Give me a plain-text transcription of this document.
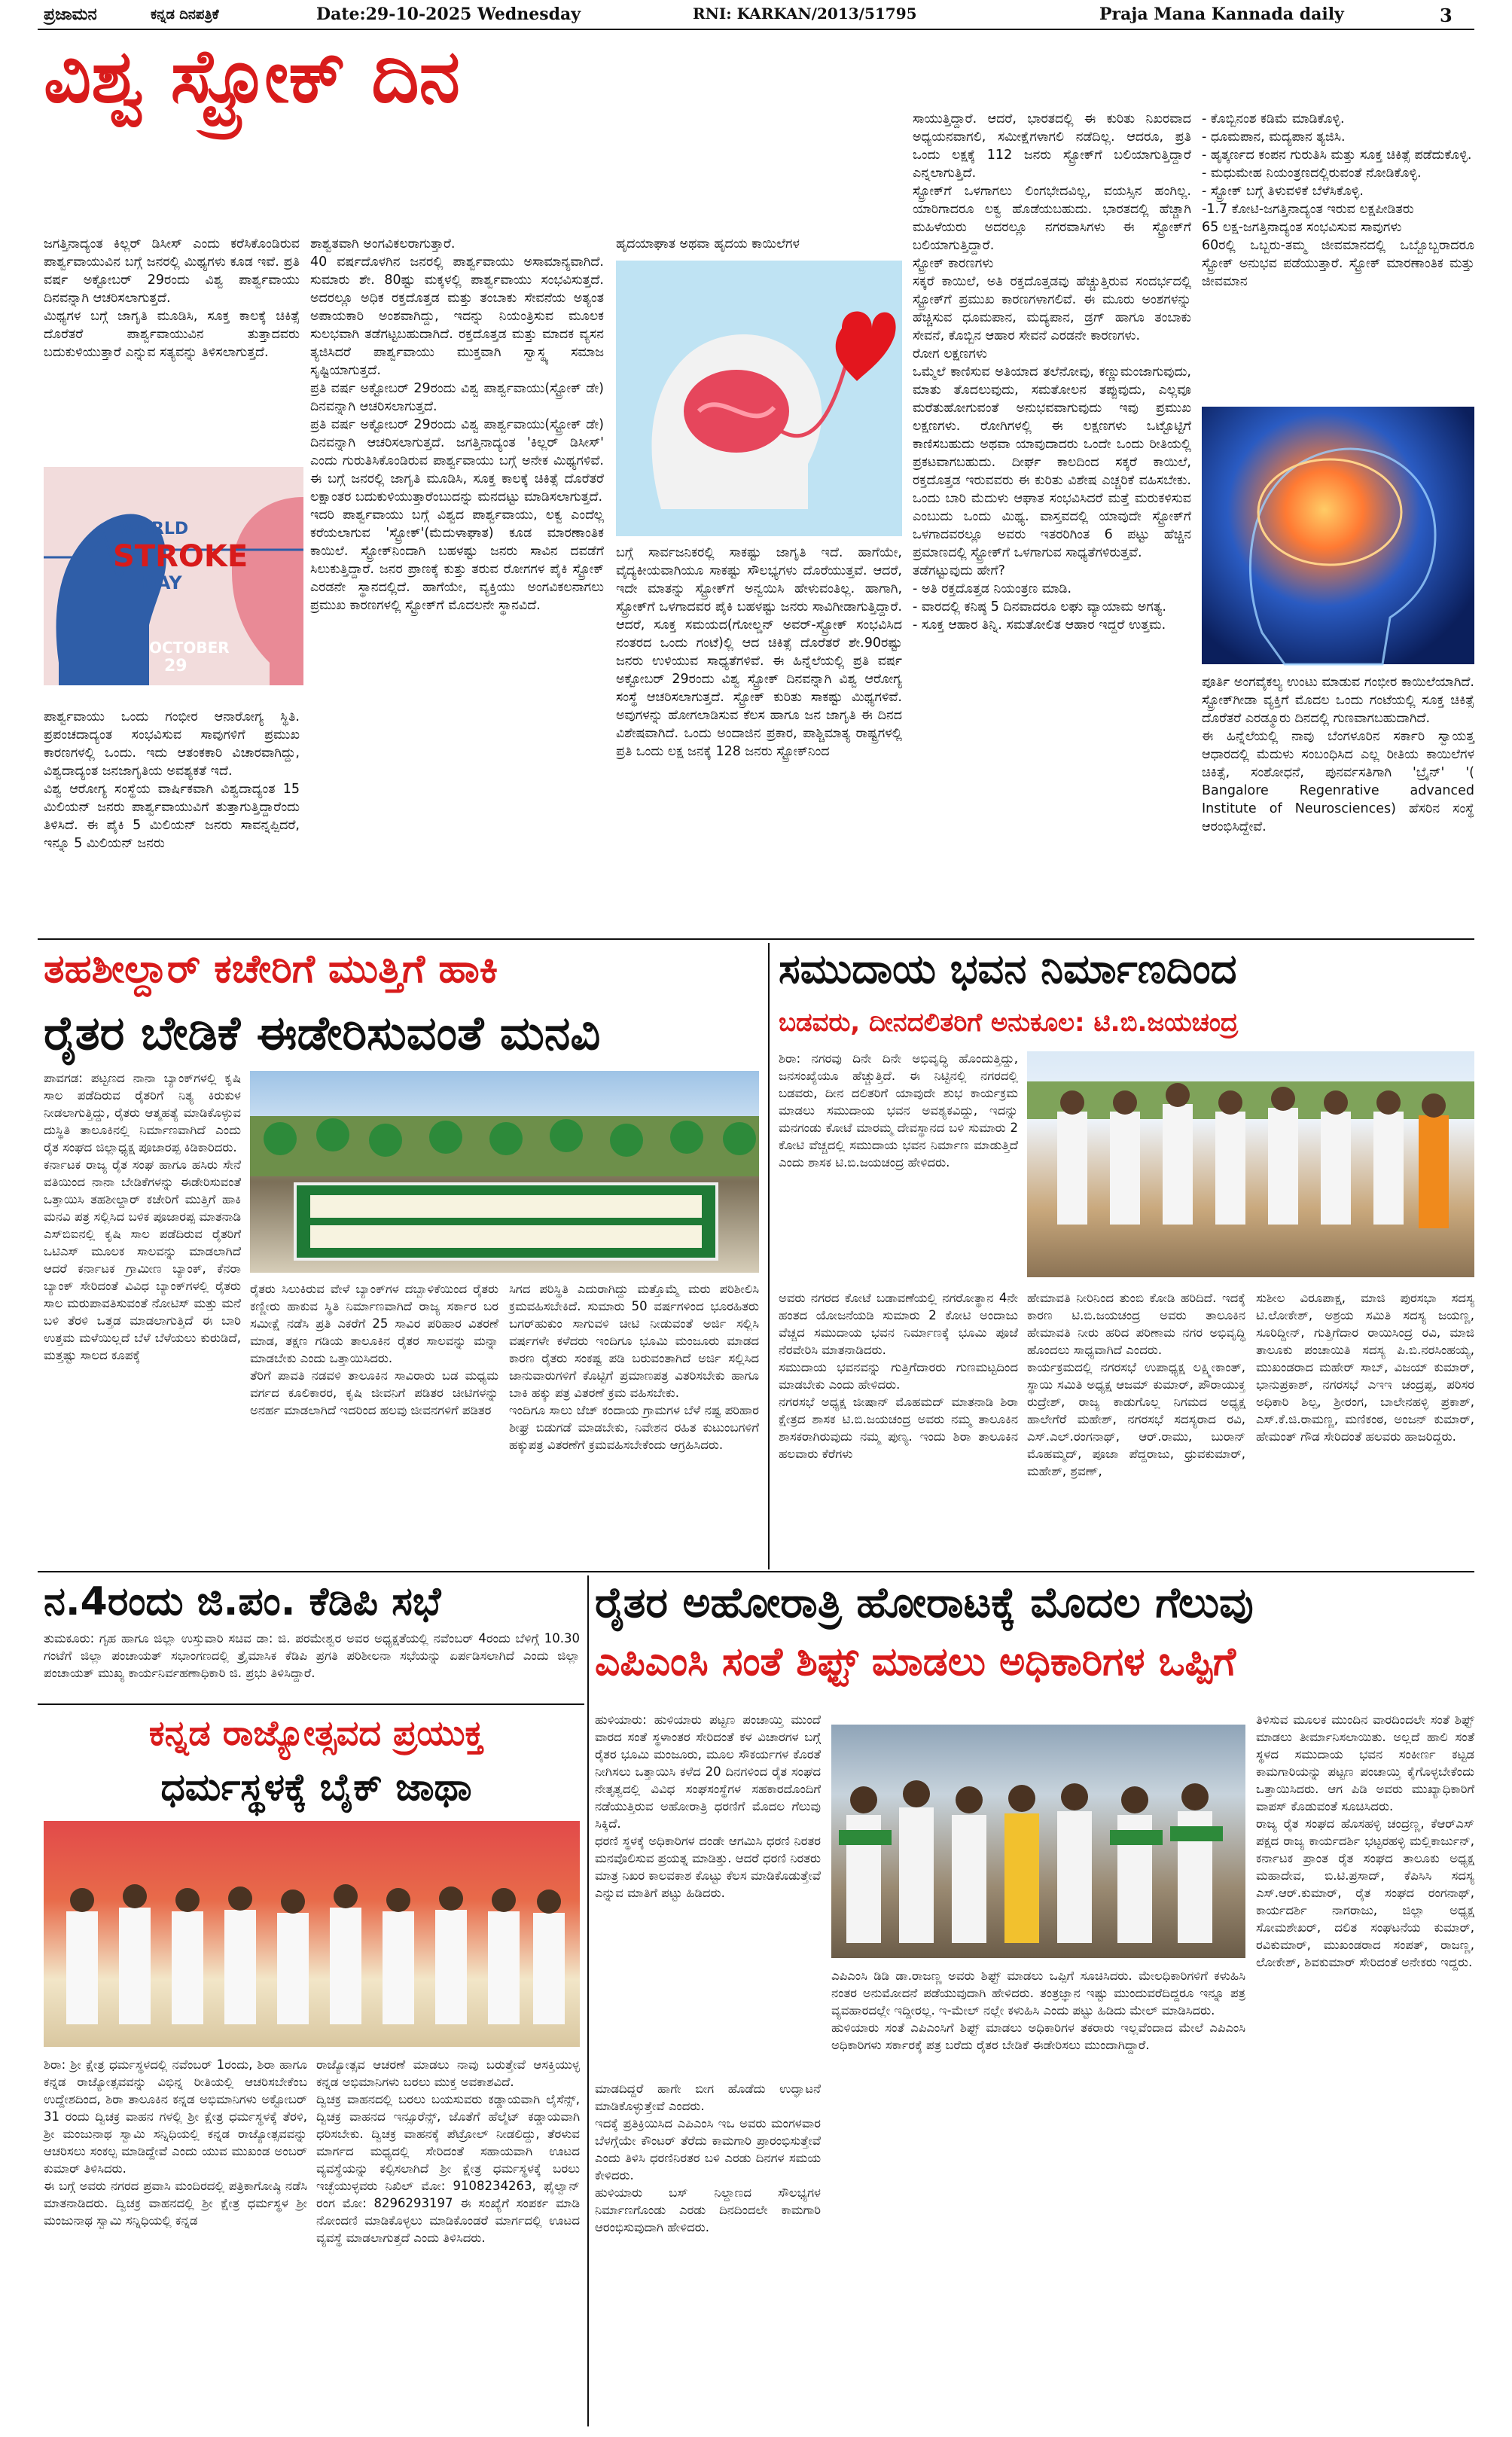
ಪ್ರಜಾಮನ	ಕನ್ನಡ ದಿನಪತ್ರಿಕೆ	Date:29-10-2025 Wednesday	RNI: KARKAN/2013/51795	Praja Mana Kannada daily	3
ವಿಶ್ವ ಸ್ಟ್ರೋಕ್ ದಿನ
ಜಗತ್ತಿನಾದ್ಯಂತ ಕಿಲ್ಲರ್ ಡಿಸೀಸ್ ಎಂದು ಕರೆಸಿಕೊಂಡಿರುವ ಪಾರ್ಶ್ವವಾಯುವಿನ ಬಗ್ಗೆ ಜನರಲ್ಲಿ ಮಿಥ್ಯಗಳು ಕೂಡ ಇವೆ. ಪ್ರತಿ ವರ್ಷ ಅಕ್ಟೋಬರ್ 29ರಂದು ವಿಶ್ವ ಪಾರ್ಶ್ವವಾಯು ದಿನವನ್ನಾಗಿ ಆಚರಿಸಲಾಗುತ್ತದೆ.
ಮಿಥ್ಯಗಳ ಬಗ್ಗೆ ಜಾಗೃತಿ ಮೂಡಿಸಿ, ಸೂಕ್ತ ಕಾಲಕ್ಕೆ ಚಿಕಿತ್ಸೆ ದೊರೆತರೆ ಪಾರ್ಶ್ವವಾಯುವಿನ ತುತ್ತಾದವರು ಬದುಕುಳಿಯುತ್ತಾರೆ ಎನ್ನುವ ಸತ್ಯವನ್ನು ತಿಳಿಸಲಾಗುತ್ತದೆ.
WORLD
STROKE
DAY
OCTOBER
29
ಪಾರ್ಶ್ವವಾಯು ಒಂದು ಗಂಭೀರ ಆನಾರೋಗ್ಯ ಸ್ಥಿತಿ. ಪ್ರಪಂಚದಾದ್ಯಂತ ಸಂಭವಿಸುವ ಸಾವುಗಳಿಗೆ ಪ್ರಮುಖ ಕಾರಣಗಳಲ್ಲಿ ಒಂದು. ಇದು ಆತಂಕಕಾರಿ ವಿಚಾರವಾಗಿದ್ದು, ವಿಶ್ವದಾದ್ಯಂತ ಜನಜಾಗೃತಿಯ ಅವಶ್ಯಕತೆ ಇದೆ.
ವಿಶ್ವ ಆರೋಗ್ಯ ಸಂಸ್ಥೆಯ ವಾರ್ಷಿಕವಾಗಿ ವಿಶ್ವದಾದ್ಯಂತ 15 ಮಿಲಿಯನ್ ಜನರು ಪಾರ್ಶ್ವವಾಯುವಿಗೆ ತುತ್ತಾಗುತ್ತಿದ್ದಾರೆಂದು ತಿಳಿಸಿದೆ. ಈ ಪೈಕಿ 5 ಮಿಲಿಯನ್ ಜನರು ಸಾವನ್ನಪ್ಪಿದರೆ, ಇನ್ನೂ 5 ಮಿಲಿಯನ್ ಜನರು
ಶಾಶ್ವತವಾಗಿ ಅಂಗವಿಕಲರಾಗುತ್ತಾರೆ.
40 ವರ್ಷದೊಳಗಿನ ಜನರಲ್ಲಿ ಪಾರ್ಶ್ವವಾಯು ಅಸಾಮಾನ್ಯವಾಗಿದೆ. ಸುಮಾರು ಶೇ. 80ಷ್ಟು ಮಕ್ಕಳಲ್ಲಿ ಪಾರ್ಶ್ವವಾಯು ಸಂಭವಿಸುತ್ತದೆ. ಅದರಲ್ಲೂ ಅಧಿಕ ರಕ್ತದೊತ್ತಡ ಮತ್ತು ತಂಬಾಕು ಸೇವನೆಯ ಅತ್ಯಂತ ಅಪಾಯಕಾರಿ ಅಂಶವಾಗಿದ್ದು, ಇದನ್ನು ನಿಯಂತ್ರಿಸುವ ಮೂಲಕ ಸುಲಭವಾಗಿ ತಡೆಗಟ್ಟಬಹುದಾಗಿದೆ. ರಕ್ತದೊತ್ತಡ ಮತ್ತು ಮಾದಕ ವ್ಯಸನ ತ್ಯಜಿಸಿದರೆ ಪಾರ್ಶ್ವವಾಯು ಮುಕ್ತವಾಗಿ ಸ್ವಾಸ್ಥ್ಯ ಸಮಾಜ ಸೃಷ್ಟಿಯಾಗುತ್ತದೆ.
ಪ್ರತಿ ವರ್ಷ ಅಕ್ಟೋಬರ್ 29ರಂದು ವಿಶ್ವ ಪಾರ್ಶ್ವವಾಯು(ಸ್ಟ್ರೋಕ್ ಡೇ) ದಿನವನ್ನಾಗಿ ಆಚರಿಸಲಾಗುತ್ತದೆ.
ಪ್ರತಿ ವರ್ಷ ಅಕ್ಟೋಬರ್ 29ರಂದು ವಿಶ್ವ ಪಾರ್ಶ್ವವಾಯು(ಸ್ಟ್ರೋಕ್ ಡೇ) ದಿನವನ್ನಾಗಿ ಆಚರಿಸಲಾಗುತ್ತದೆ. ಜಗತ್ತಿನಾದ್ಯಂತ 'ಕಿಲ್ಲರ್ ಡಿಸೀಸ್' ಎಂದು ಗುರುತಿಸಿಕೊಂಡಿರುವ ಪಾರ್ಶ್ವವಾಯು ಬಗ್ಗೆ ಅನೇಕ ಮಿಥ್ಯಗಳಿವೆ. ಈ ಬಗ್ಗೆ ಜನರಲ್ಲಿ ಜಾಗೃತಿ ಮೂಡಿಸಿ, ಸೂಕ್ತ ಕಾಲಕ್ಕೆ ಚಿಕಿತ್ಸೆ ದೊರೆತರೆ ಲಕ್ಷಾಂತರ ಬದುಕುಳಿಯುತ್ತಾರೆಂಬುದನ್ನು ಮನದಟ್ಟು ಮಾಡಿಸಲಾಗುತ್ತದೆ.
ಇದರಿ ಪಾರ್ಶ್ವವಾಯು ಬಗ್ಗೆ ವಿಶ್ವದ ಪಾರ್ಶ್ವವಾಯು, ಲಕ್ವ ಎಂದೆಲ್ಲ ಕರೆಯಲಾಗುವ 'ಸ್ಟ್ರೋಕ್'(ಮೆದುಳಾಘಾತ) ಕೂಡ ಮಾರಣಾಂತಿಕ ಕಾಯಿಲೆ. ಸ್ಟ್ರೋಕ್‌ನಿಂದಾಗಿ ಬಹಳಷ್ಟು ಜನರು ಸಾವಿನ ದವಡೆಗೆ ಸಿಲುಕುತ್ತಿದ್ದಾರೆ. ಜನರ ಪ್ರಾಣಕ್ಕೆ ಕುತ್ತು ತರುವ ರೋಗಗಳ ಪೈಕಿ ಸ್ಟ್ರೋಕ್ ಎರಡನೇ ಸ್ಥಾನದಲ್ಲಿದೆ. ಹಾಗೆಯೇ, ವ್ಯಕ್ತಿಯು ಅಂಗವಿಕಲನಾಗಲು ಪ್ರಮುಖ ಕಾರಣಗಳಲ್ಲಿ ಸ್ಟ್ರೋಕ್‌ಗೆ ಮೊದಲನೇ ಸ್ಥಾನವಿದೆ.
ಹೃದಯಾಘಾತ ಅಥವಾ ಹೃದಯ ಕಾಯಿಲೆಗಳ
ಬಗ್ಗೆ ಸಾರ್ವಜನಿಕರಲ್ಲಿ ಸಾಕಷ್ಟು ಜಾಗೃತಿ ಇದೆ. ಹಾಗೆಯೇ, ವೈದ್ಯಕೀಯವಾಗಿಯೂ ಸಾಕಷ್ಟು ಸೌಲಭ್ಯಗಳು ದೊರೆಯುತ್ತವೆ. ಆದರೆ, ಇದೇ ಮಾತನ್ನು ಸ್ಟ್ರೋಕ್‌ಗೆ ಅನ್ವಯಿಸಿ ಹೇಳುವಂತಿಲ್ಲ. ಹಾಗಾಗಿ, ಸ್ಟ್ರೋಕ್‌ಗೆ ಒಳಗಾದವರ ಪೈಕಿ ಬಹಳಷ್ಟು ಜನರು ಸಾವಿಗೀಡಾಗುತ್ತಿದ್ದಾರೆ. ಆದರೆ, ಸೂಕ್ತ ಸಮಯದ(ಗೋಲ್ಡನ್ ಅವರ್-ಸ್ಟ್ರೋಕ್ ಸಂಭವಿಸಿದ ನಂತರದ ಒಂದು ಗಂಟೆ)ಲ್ಲಿ ಆದ ಚಿಕಿತ್ಸೆ ದೊರೆತರೆ ಶೇ.90ರಷ್ಟು ಜನರು ಉಳಿಯುವ ಸಾಧ್ಯತೆಗಳಿವೆ. ಈ ಹಿನ್ನೆಲೆಯಲ್ಲಿ ಪ್ರತಿ ವರ್ಷ ಅಕ್ಟೋಬರ್ 29ರಂದು ವಿಶ್ವ ಸ್ಟ್ರೋಕ್ ದಿನವನ್ನಾಗಿ ವಿಶ್ವ ಆರೋಗ್ಯ ಸಂಸ್ಥೆ ಆಚರಿಸಲಾಗುತ್ತದೆ. ಸ್ಟ್ರೋಕ್ ಕುರಿತು ಸಾಕಷ್ಟು ಮಿಥ್ಯಗಳಿವೆ. ಅವುಗಳನ್ನು ಹೋಗಲಾಡಿಸುವ ಕೆಲಸ ಹಾಗೂ ಜನ ಜಾಗೃತಿ ಈ ದಿನದ ವಿಶೇಷವಾಗಿದೆ. ಒಂದು ಅಂದಾಜಿನ ಪ್ರಕಾರ, ಪಾಶ್ಚಿಮಾತ್ಯ ರಾಷ್ಟ್ರಗಳಲ್ಲಿ ಪ್ರತಿ ಒಂದು ಲಕ್ಷ ಜನಕ್ಕೆ 128 ಜನರು ಸ್ಟ್ರೋಕ್‌ನಿಂದ
ಸಾಯುತ್ತಿದ್ದಾರೆ. ಆದರೆ, ಭಾರತದಲ್ಲಿ ಈ ಕುರಿತು ನಿಖರವಾದ ಅಧ್ಯಯನವಾಗಲಿ, ಸಮೀಕ್ಷೆಗಳಾಗಲಿ ನಡೆದಿಲ್ಲ. ಆದರೂ, ಪ್ರತಿ ಒಂದು ಲಕ್ಷಕ್ಕೆ 112 ಜನರು ಸ್ಟ್ರೋಕ್‌ಗೆ ಬಲಿಯಾಗುತ್ತಿದ್ದಾರೆ ಎನ್ನಲಾಗುತ್ತಿದೆ.
ಸ್ಟ್ರೋಕ್‌ಗೆ ಒಳಗಾಗಲು ಲಿಂಗಭೇದವಿಲ್ಲ, ವಯಸ್ಸಿನ ಹಂಗಿಲ್ಲ. ಯಾರಿಗಾದರೂ ಲಕ್ವ ಹೊಡೆಯಬಹುದು. ಭಾರತದಲ್ಲಿ ಹೆಚ್ಚಾಗಿ ಮಹಿಳೆಯರು ಅದರಲ್ಲೂ ನಗರವಾಸಿಗಳು ಈ ಸ್ಟ್ರೋಕ್‌ಗೆ ಬಲಿಯಾಗುತ್ತಿದ್ದಾರೆ.
ಸ್ಟ್ರೋಕ್ ಕಾರಣಗಳು
ಸಕ್ಕರೆ ಕಾಯಿಲೆ, ಅತಿ ರಕ್ತದೊತ್ತಡವು ಹೆಚ್ಚುತ್ತಿರುವ ಸಂದರ್ಭದಲ್ಲಿ ಸ್ಟ್ರೋಕ್‌ಗೆ ಪ್ರಮುಖ ಕಾರಣಗಳಾಗಲಿವೆ. ಈ ಮೂರು ಅಂಶಗಳನ್ನು ಹೆಚ್ಚಿಸುವ ಧೂಮಪಾನ, ಮದ್ಯಪಾನ, ಡ್ರಗ್ ಹಾಗೂ ತಂಬಾಕು ಸೇವನೆ, ಕೊಬ್ಬಿನ ಆಹಾರ ಸೇವನೆ ಎರಡನೇ ಕಾರಣಗಳು.
ರೋಗ ಲಕ್ಷಣಗಳು
ಒಮ್ಮೆಲೆ ಕಾಣಿಸುವ ಅತಿಯಾದ ತಲೆನೋವು, ಕಣ್ಣುಮಂಜಾಗುವುದು, ಮಾತು ತೊದಲುವುದು, ಸಮತೋಲನ ತಪ್ಪುವುದು, ಎಲ್ಲವೂ ಮರೆತುಹೋಗುವಂತೆ ಅನುಭವವಾಗುವುದು ಇವು ಪ್ರಮುಖ ಲಕ್ಷಣಗಳು. ರೋಗಿಗಳಲ್ಲಿ ಈ ಲಕ್ಷಣಗಳು ಒಟ್ಟೊಟ್ಟಿಗೆ ಕಾಣಿಸಬಹುದು ಅಥವಾ ಯಾವುದಾದರು ಒಂದೇ ಒಂದು ರೀತಿಯಲ್ಲಿ ಪ್ರಕಟವಾಗಬಹುದು. ದೀರ್ಘ ಕಾಲದಿಂದ ಸಕ್ಕರೆ ಕಾಯಿಲೆ, ರಕ್ತದೊತ್ತಡ ಇರುವವರು ಈ ಕುರಿತು ವಿಶೇಷ ಎಚ್ಚರಿಕೆ ವಹಿಸಬೇಕು. ಒಂದು ಬಾರಿ ಮೆದುಳು ಆಘಾತ ಸಂಭವಿಸಿದರೆ ಮತ್ತೆ ಮರುಕಳಿಸುವ ಎಂಬುದು ಒಂದು ಮಿಥ್ಯ. ವಾಸ್ತವದಲ್ಲಿ ಯಾವುದೇ ಸ್ಟ್ರೋಕ್‌ಗೆ ಒಳಗಾದವರಲ್ಲೂ ಅವರು ಇತರರಿಗಿಂತ 6 ಪಟ್ಟು ಹೆಚ್ಚಿನ ಪ್ರಮಾಣದಲ್ಲಿ ಸ್ಟ್ರೋಕ್‌ಗೆ ಒಳಗಾಗುವ ಸಾಧ್ಯತೆಗಳಿರುತ್ತವೆ.
ತಡೆಗಟ್ಟುವುದು ಹೇಗೆ?
- ಅತಿ ರಕ್ತದೊತ್ತಡ ನಿಯಂತ್ರಣ ಮಾಡಿ.
- ವಾರದಲ್ಲಿ ಕನಿಷ್ಠ 5 ದಿನವಾದರೂ ಲಘು ವ್ಯಾಯಾಮ ಅಗತ್ಯ.
- ಸೂಕ್ತ ಆಹಾರ ತಿನ್ನಿ. ಸಮತೋಲಿತ ಆಹಾರ ಇದ್ದರೆ ಉತ್ತಮ.
- ಕೊಬ್ಬಿನಂಶ ಕಡಿಮೆ ಮಾಡಿಕೊಳ್ಳಿ.
- ಧೂಮಪಾನ, ಮದ್ಯಪಾನ ತ್ಯಜಿಸಿ.
- ಹೃತ್ಕರ್ಣದ ಕಂಪನ ಗುರುತಿಸಿ ಮತ್ತು ಸೂಕ್ತ ಚಿಕಿತ್ಸೆ ಪಡೆದುಕೊಳ್ಳಿ.
- ಮಧುಮೇಹ ನಿಯಂತ್ರಣದಲ್ಲಿರುವಂತೆ ನೋಡಿಕೊಳ್ಳಿ.
- ಸ್ಟ್ರೋಕ್ ಬಗ್ಗೆ ತಿಳುವಳಿಕೆ ಬೆಳೆಸಿಕೊಳ್ಳಿ.
-1.7 ಕೋಟಿ-ಜಗತ್ತಿನಾದ್ಯಂತ ಇರುವ ಲಕ್ಷಪೀಡಿತರು
65 ಲಕ್ಷ-ಜಗತ್ತಿನಾದ್ಯಂತ ಸಂಭವಿಸುವ ಸಾವುಗಳು
60ರಲ್ಲಿ ಒಬ್ಬರು-ತಮ್ಮ ಜೀವಮಾನದಲ್ಲಿ ಒಬ್ಬೊಬ್ಬರಾದರೂ ಸ್ಟ್ರೋಕ್ ಅನುಭವ ಪಡೆಯುತ್ತಾರೆ. ಸ್ಟ್ರೋಕ್ ಮಾರಣಾಂತಿಕ ಮತ್ತು ಜೀವಮಾನ
ಪೂರ್ತಿ ಅಂಗವೈಕಲ್ಯ ಉಂಟು ಮಾಡುವ ಗಂಭೀರ ಕಾಯಿಲೆಯಾಗಿದೆ. ಸ್ಟ್ರೋಕ್‌ಗೀಡಾ ವ್ಯಕ್ತಿಗೆ ಮೊದಲ ಒಂದು ಗಂಟೆಯಲ್ಲಿ ಸೂಕ್ತ ಚಿಕಿತ್ಸೆ ದೊರೆತರೆ ಎರಡ್ಮೂರು ದಿನದಲ್ಲಿ ಗುಣವಾಗಬಹುದಾಗಿದೆ.
ಈ ಹಿನ್ನೆಲೆಯಲ್ಲಿ ನಾವು ಬೆಂಗಳೂರಿನ ಸರ್ಕಾರಿ ಸ್ವಾಯತ್ತ ಆಧಾರದಲ್ಲಿ ಮೆದುಳು ಸಂಬಂಧಿಸಿದ ಎಲ್ಲ ರೀತಿಯ ಕಾಯಿಲೆಗಳ ಚಿಕಿತ್ಸೆ, ಸಂಶೋಧನೆ, ಪುನರ್ವಸತಿಗಾಗಿ 'ಬ್ರೈನ್' '( Bangalore Regenrative advanced Institute of Neurosciences) ಹೆಸರಿನ ಸಂಸ್ಥೆ ಆರಂಭಿಸಿದ್ದೇವೆ.
ತಹಶೀಲ್ದಾರ್ ಕಚೇರಿಗೆ ಮುತ್ತಿಗೆ ಹಾಕಿ
ರೈತರ ಬೇಡಿಕೆ ಈಡೇರಿಸುವಂತೆ ಮನವಿ
ಪಾವಗಡ: ಪಟ್ಟಣದ ನಾನಾ ಬ್ಯಾಂಕ್‌ಗಳಲ್ಲಿ ಕೃಷಿ ಸಾಲ ಪಡೆದಿರುವ ರೈತರಿಗೆ ನಿತ್ಯ ಕಿರುಕುಳ ನೀಡಲಾಗುತ್ತಿದ್ದು, ರೈತರು ಆತ್ಮಹತ್ಯೆ ಮಾಡಿಕೊಳ್ಳುವ ದುಸ್ಥಿತಿ ತಾಲೂಕಿನಲ್ಲಿ ನಿರ್ಮಾಣವಾಗಿದೆ ಎಂದು ರೈತ ಸಂಘದ ಜಿಲ್ಲಾಧ್ಯಕ್ಷ ಪೂಜಾರಪ್ಪ ಕಿಡಿಕಾರಿದರು.
ಕರ್ನಾಟಕ ರಾಜ್ಯ ರೈತ ಸಂಘ ಹಾಗೂ ಹಸಿರು ಸೇನೆ ವತಿಯಿಂದ ನಾನಾ ಬೇಡಿಕೆಗಳನ್ನು ಈಡೇರಿಸುವಂತೆ ಒತ್ತಾಯಿಸಿ ತಹಶೀಲ್ದಾರ್ ಕಚೇರಿಗೆ ಮುತ್ತಿಗೆ ಹಾಕಿ ಮನವಿ ಪತ್ರ ಸಲ್ಲಿಸಿದ ಬಳಿಕ ಪೂಜಾರಪ್ಪ ಮಾತನಾಡಿ ಎಸ್‌ಬಿಐನಲ್ಲಿ ಕೃಷಿ ಸಾಲ ಪಡೆದಿರುವ ರೈತರಿಗೆ ಒಟಿಎಸ್ ಮೂಲಕ ಸಾಲವನ್ನು ಮಾಡಲಾಗಿದೆ ಆದರೆ ಕರ್ನಾಟಕ ಗ್ರಾಮೀಣ ಬ್ಯಾಂಕ್, ಕೆನರಾ ಬ್ಯಾಂಕ್ ಸೇರಿದಂತೆ ವಿವಿಧ ಬ್ಯಾಂಕ್‌ಗಳಲ್ಲಿ ರೈತರು ಸಾಲ ಮರುಪಾವತಿಸುವಂತೆ ನೋಟಿಸ್ ಮತ್ತು ಮನೆ ಬಳಿ ತೆರಳಿ ಒತ್ತಡ ಮಾಡಲಾಗುತ್ತಿದೆ ಈ ಬಾರಿ ಉತ್ತಮ ಮಳೆಯಿಲ್ಲದೆ ಬೆಳೆ ಬೆಳೆಯಲು ಕುರುಡಿದೆ, ಮತ್ತಷ್ಟು ಸಾಲದ ಕೂಪಕ್ಕೆ
ರೈತರು ಸಿಲುಕಿರುವ ವೇಳೆ ಬ್ಯಾಂಕ್‌ಗಳ ದಬ್ಬಾಳಿಕೆಯಿಂದ ರೈತರು ಕಣ್ಣೀರು ಹಾಕುವ ಸ್ಥಿತಿ ನಿರ್ಮಾಣವಾಗಿದೆ ರಾಜ್ಯ ಸರ್ಕಾರ ಬರ ಸಮೀಕ್ಷೆ ನಡೆಸಿ ಪ್ರತಿ ಎಕರೆಗೆ 25 ಸಾವಿರ ಪರಿಹಾರ ವಿತರಣೆ ಮಾಡ, ತಕ್ಷಣ ಗಡಿಯ ತಾಲೂಕಿನ ರೈತರ ಸಾಲವನ್ನು ಮನ್ನಾ ಮಾಡಬೇಕು ಎಂದು ಒತ್ತಾಯಿಸಿದರು.
ತೆರಿಗೆ ಪಾವತಿ ನಡವಳಿ ತಾಲೂಕಿನ ಸಾವಿರಾರು ಬಡ ಮಧ್ಯಮ ವರ್ಗದ ಕೂಲಿಕಾರರ, ಕೃಷಿ ಜೀವನಿಗೆ ಪಡಿತರ ಚೀಟಿಗಳನ್ನು ಅನರ್ಹ ಮಾಡಲಾಗಿದೆ ಇದರಿಂದ ಹಲವು ಜೀವನಗಳಿಗೆ ಪಡಿತರ
ಸಿಗದ ಪರಿಸ್ಥಿತಿ ಎದುರಾಗಿದ್ದು ಮತ್ತೊಮ್ಮೆ ಮರು ಪರಿಶೀಲಿಸಿ ಕ್ರಮವಹಿಸಬೇಕಿದೆ. ಸುಮಾರು 50 ವರ್ಷಗಳಿಂದ ಭೂರಹಿತರು ಬಗರ್‌ಹುಕುಂ ಸಾಗುವಳಿ ಚೀಟಿ ನೀಡುವಂತೆ ಅರ್ಜಿ ಸಲ್ಲಿಸಿ ವರ್ಷಗಳೇ ಕಳೆದರು ಇಂದಿಗೂ ಭೂಮಿ ಮಂಜೂರು ಮಾಡದ ಕಾರಣ ರೈತರು ಸಂಕಷ್ಟ ಪಡಿ ಬರುವಂತಾಗಿದೆ ಅರ್ಜಿ ಸಲ್ಲಿಸಿದ ಜಾನುವಾರುಗಳಿಗೆ ಕೊಟ್ಟಿಗೆ ಪ್ರಮಾಣಪತ್ರ ವಿತರಿಸಬೇಕು ಹಾಗೂ ಬಾಕಿ ಹಕ್ಕು ಪತ್ರ ವಿತರಣೆ ಕ್ರಮ ವಹಿಸಬೇಕು.
ಇಂದಿಗೂ ಸಾಲು ಜೆಚ್ ಕಂದಾಯ ಗ್ರಾಮಗಳ ಬೆಳೆ ನಷ್ಟ ಪರಿಹಾರ ಶೀಘ್ರ ಬಿಡುಗಡೆ ಮಾಡಬೇಕು, ನಿವೇಶನ ರಹಿತ ಕುಟುಂಬಗಳಿಗೆ ಹಕ್ಕುಪತ್ರ ವಿತರಣೆಗೆ ಕ್ರಮವಹಿಸಬೇಕೆಂದು ಆಗ್ರಹಿಸಿದರು.
ಸಮುದಾಯ ಭವನ ನಿರ್ಮಾಣದಿಂದ
ಬಡವರು, ದೀನದಲಿತರಿಗೆ ಅನುಕೂಲ: ಟಿ.ಬಿ.ಜಯಚಂದ್ರ
ಶಿರಾ: ನಗರವು ದಿನೇ ದಿನೇ ಅಭಿವೃದ್ಧಿ ಹೊಂದುತ್ತಿದ್ದು, ಜನಸಂಖ್ಯೆಯೂ ಹೆಚ್ಚುತ್ತಿದೆ. ಈ ನಿಟ್ಟಿನಲ್ಲಿ ನಗರದಲ್ಲಿ ಬಡವರು, ದೀನ ದಲಿತರಿಗೆ ಯಾವುದೇ ಶುಭ ಕಾರ್ಯಕ್ರಮ ಮಾಡಲು ಸಮುದಾಯ ಭವನ ಅವಶ್ಯಕವಿದ್ದು, ಇದನ್ನು ಮನಗಂಡು ಕೋಟೆ ಮಾರಮ್ಮ ದೇವಸ್ಥಾನದ ಬಳಿ ಸುಮಾರು 2 ಕೋಟಿ ವೆಚ್ಚದಲ್ಲಿ ಸಮುದಾಯ ಭವನ ನಿರ್ಮಾಣ ಮಾಡುತ್ತಿದೆ ಎಂದು ಶಾಸಕ ಟಿ.ಬಿ.ಜಯಚಂದ್ರ ಹೇಳಿದರು.
ಅವರು ನಗರದ ಕೋಟೆ ಬಡಾವಣೆಯಲ್ಲಿ ನಗರೋತ್ಥಾನ 4ನೇ ಹಂತದ ಯೋಜನೆಯಡಿ ಸುಮಾರು 2 ಕೋಟಿ ಅಂದಾಜು ವೆಚ್ಚದ ಸಮುದಾಯ ಭವನ ನಿರ್ಮಾಣಕ್ಕೆ ಭೂಮಿ ಪೂಜೆ ನೆರವೇರಿಸಿ ಮಾತನಾಡಿದರು.
ಸಮುದಾಯ ಭವನವನ್ನು ಗುತ್ತಿಗೆದಾರರು ಗುಣಮಟ್ಟದಿಂದ ಮಾಡಬೇಕು ಎಂದು ಹೇಳಿದರು.
ನಗರಸಭೆ ಅಧ್ಯಕ್ಷ ಜೀಷಾನ್ ಮೊಹಮದ್ ಮಾತನಾಡಿ ಶಿರಾ ಕ್ಷೇತ್ರದ ಶಾಸಕ ಟಿ.ಬಿ.ಜಯಚಂದ್ರ ಅವರು ನಮ್ಮ ತಾಲೂಕಿನ ಶಾಸಕರಾಗಿರುವುದು ನಮ್ಮ ಪುಣ್ಯ. ಇಂದು ಶಿರಾ ತಾಲೂಕಿನ ಹಲವಾರು ಕೆರೆಗಳು
ಹೇಮಾವತಿ ನೀರಿನಿಂದ ತುಂಬಿ ಕೋಡಿ ಹರಿದಿದೆ. ಇದಕ್ಕೆ ಕಾರಣ ಟಿ.ಬಿ.ಜಯಚಂದ್ರ ಅವರು ತಾಲೂಕಿನ ಹೇಮಾವತಿ ನೀರು ಹರಿದ ಪರಿಣಾಮ ನಗರ ಅಭಿವೃದ್ಧಿ ಹೊಂದಲು ಸಾಧ್ಯವಾಗಿದೆ ಎಂದರು.
ಕಾರ್ಯಕ್ರಮದಲ್ಲಿ ನಗರಸಭೆ ಉಪಾಧ್ಯಕ್ಷ ಲಕ್ಷ್ಮೀಕಾಂತ್, ಸ್ಥಾಯಿ ಸಮಿತಿ ಅಧ್ಯಕ್ಷ ಆಜಮ್ ಕುಮಾರ್, ಪೌರಾಯುಕ್ತ ರುದ್ರೇಶ್, ರಾಜ್ಯ ಕಾಡುಗೊಲ್ಲ ನಿಗಮದ ಅಧ್ಯಕ್ಷ ಹಾಲೇಗೆರೆ ಮಹೇಶ್, ನಗರಸಭೆ ಸದಸ್ಯರಾದ ರವಿ, ಎಸ್.ಎಲ್.ರಂಗನಾಥ್, ಆರ್.ರಾಮು, ಬುರಾನ್ ಮೊಹಮ್ಮದ್, ಪೂಜಾ ಪೆದ್ದರಾಜು, ಧ್ರುವಕುಮಾರ್, ಮಹೇಶ್, ಶ್ರವಣ್,
ಸುಶೀಲ ವಿರೂಪಾಕ್ಷ, ಮಾಜಿ ಪುರಸಭಾ ಸದಸ್ಯ ಟಿ.ಲೋಕೇಶ್, ಅಶ್ರಯ ಸಮಿತಿ ಸದಸ್ಯ ಜಯಣ್ಣ, ಸೂರಿದ್ದೀನ್, ಗುತ್ತಿಗೆದಾರ ರಾಯಿಸಿಂದ್ರ ರವಿ, ಮಾಜಿ ತಾಲೂಕು ಪಂಚಾಯಿತಿ ಸದಸ್ಯ ಪಿ.ಬಿ.ನರಸಿಂಹಯ್ಯ, ಮುಖಂಡರಾದ ಮಹೇರ್ ಸಾಬ್, ವಿಜಯ್ ಕುಮಾರ್, ಭಾನುಪ್ರಕಾಶ್, ನಗರಸಭೆ ಎಇಇ ಚಂದ್ರಪ್ಪ, ಪರಿಸರ ಅಧಿಕಾರಿ ಶಿಲ್ಪ, ಶ್ರೀರಂಗ, ಬಾಲೇನಹಳ್ಳಿ ಪ್ರಕಾಶ್, ಎಸ್.ಕೆ.ಜಿ.ರಾಮಣ್ಣ, ಮಣಿಕಂಠ, ಅಂಜನ್ ಕುಮಾರ್, ಹೇಮಂತ್ ಗೌಡ ಸೇರಿದಂತೆ ಹಲವರು ಹಾಜರಿದ್ದರು.
ನ.4ರಂದು ಜಿ.ಪಂ. ಕೆಡಿಪಿ ಸಭೆ
ತುಮಕೂರು: ಗೃಹ ಹಾಗೂ ಜಿಲ್ಲಾ ಉಸ್ತುವಾರಿ ಸಚಿವ ಡಾ: ಜಿ. ಪರಮೇಶ್ವರ ಅವರ ಅಧ್ಯಕ್ಷತೆಯಲ್ಲಿ ನವೆಂಬರ್ 4ರಂದು ಬೆಳಿಗ್ಗೆ 10.30 ಗಂಟೆಗೆ ಜಿಲ್ಲಾ ಪಂಚಾಯತ್ ಸಭಾಂಗಣದಲ್ಲಿ ತ್ರೈಮಾಸಿಕ ಕೆಡಿಪಿ ಪ್ರಗತಿ ಪರಿಶೀಲನಾ ಸಭೆಯನ್ನು ಏರ್ಪಡಿಸಲಾಗಿದೆ ಎಂದು ಜಿಲ್ಲಾ ಪಂಚಾಯತ್ ಮುಖ್ಯ ಕಾರ್ಯನಿರ್ವಹಣಾಧಿಕಾರಿ ಜಿ. ಪ್ರಭು ತಿಳಿಸಿದ್ದಾರೆ.
ಕನ್ನಡ ರಾಜ್ಯೋತ್ಸವದ ಪ್ರಯುಕ್ತ
ಧರ್ಮಸ್ಥಳಕ್ಕೆ ಬೈಕ್ ಜಾಥಾ
ಶಿರಾ: ಶ್ರೀ ಕ್ಷೇತ್ರ ಧರ್ಮಸ್ಥಳದಲ್ಲಿ ನವೆಂಬರ್ 1ರಂದು, ಶಿರಾ ಹಾಗೂ ಕನ್ನಡ ರಾಜ್ಯೋತ್ಸವವನ್ನು ವಿಭಿನ್ನ ರೀತಿಯಲ್ಲಿ ಆಚರಿಸಬೇಕೆಂಬ ಉದ್ದೇಶದಿಂದ, ಶಿರಾ ತಾಲೂಕಿನ ಕನ್ನಡ ಅಭಿಮಾನಿಗಳು ಅಕ್ಟೋಬರ್ 31 ರಂದು ದ್ವಿಚಕ್ರ ವಾಹನ ಗಳಲ್ಲಿ ಶ್ರೀ ಕ್ಷೇತ್ರ ಧರ್ಮಸ್ಥಳಕ್ಕೆ ತೆರಳಿ, ಶ್ರೀ ಮಂಜುನಾಥ ಸ್ವಾಮಿ ಸನ್ನಿಧಿಯಲ್ಲಿ ಕನ್ನಡ ರಾಜ್ಯೋತ್ಸವವನ್ನು ಆಚರಿಸಲು ಸಂಕಲ್ಪ ಮಾಡಿದ್ದೇವೆ ಎಂದು ಯುವ ಮುಖಂಡ ಅಂಬರ್ ಕುಮಾರ್ ತಿಳಿಸಿದರು.
ಈ ಬಗ್ಗೆ ಅವರು ನಗರದ ಪ್ರವಾಸಿ ಮಂದಿರದಲ್ಲಿ ಪತ್ರಿಕಾಗೋಷ್ಠಿ ನಡೆಸಿ ಮಾತನಾಡಿದರು. ದ್ವಿಚಕ್ರ ವಾಹನದಲ್ಲಿ ಶ್ರೀ ಕ್ಷೇತ್ರ ಧರ್ಮಸ್ಥಳ ಶ್ರೀ ಮಂಜುನಾಥ ಸ್ವಾಮಿ ಸನ್ನಿಧಿಯಲ್ಲಿ ಕನ್ನಡ
ರಾಜ್ಯೋತ್ಸವ ಆಚರಣೆ ಮಾಡಲು ನಾವು ಬರುತ್ತೇವೆ ಆಸಕ್ತಿಯುಳ್ಳ ಕನ್ನಡ ಅಭಿಮಾನಿಗಳು ಬರಲು ಮುಕ್ತ ಅವಕಾಶವಿದೆ.
ದ್ವಿಚಕ್ರ ವಾಹನದಲ್ಲಿ ಬರಲು ಬಯಸುವರು ಕಡ್ಡಾಯವಾಗಿ ಲೈಸೆನ್ಸ್, ದ್ವಿಚಕ್ರ ವಾಹನದ ಇನ್ಸೂರೆನ್ಸ್, ಜೊತೆಗೆ ಹೆಲ್ಮೆಟ್ ಕಡ್ಡಾಯವಾಗಿ ಧರಿಸಬೇಕು. ದ್ವಿಚಕ್ರ ವಾಹನಕ್ಕೆ ಪೆಟ್ರೋಲ್ ನೀಡಲಿದ್ದು, ತೆರಳುವ ಮಾರ್ಗದ ಮಧ್ಯದಲ್ಲಿ ಸೇರಿದಂತೆ ಸಹಾಯವಾಗಿ ಊಟದ ವ್ಯವಸ್ಥೆಯನ್ನು ಕಲ್ಪಿಸಲಾಗಿದೆ ಶ್ರೀ ಕ್ಷೇತ್ರ ಧರ್ಮಸ್ಥಳಕ್ಕೆ ಬರಲು ಇಚ್ಛೆಯುಳ್ಳವರು ನಿಖಿಲ್ ಮೋ: 9108234263, ಫೈಲ್ವಾನ್ ರಂಗ ಮೋ: 8296293197 ಈ ಸಂಖ್ಯೆಗೆ ಸಂಪರ್ಕ ಮಾಡಿ ನೋಂದಣಿ ಮಾಡಿಕೊಳ್ಳಲು ಮಾಡಿಕೊಂಡರೆ ಮಾರ್ಗದಲ್ಲಿ ಊಟದ ವ್ಯವಸ್ಥೆ ಮಾಡಲಾಗುತ್ತದೆ ಎಂದು ತಿಳಿಸಿದರು.
ರೈತರ ಅಹೋರಾತ್ರಿ ಹೋರಾಟಕ್ಕೆ ಮೊದಲ ಗೆಲುವು
ಎಪಿಎಂಸಿ ಸಂತೆ ಶಿಫ್ಟ್ ಮಾಡಲು ಅಧಿಕಾರಿಗಳ ಒಪ್ಪಿಗೆ
ಹುಳಿಯಾರು: ಹುಳಿಯಾರು ಪಟ್ಟಣ ಪಂಚಾಯ್ತಿ ಮುಂದೆ ವಾರದ ಸಂತೆ ಸ್ಥಳಾಂತರ ಸೇರಿದಂತೆ ಕಳ ವಿಚಾರಗಳ ಬಗ್ಗೆ ರೈತರ ಭೂಮಿ ಮಂಜೂರು, ಮೂಲ ಸೌಕರ್ಯಗಳ ಕೊರತೆ ನೀಗಿಸಲು ಒತ್ತಾಯಿಸಿ ಕಳೆದ 20 ದಿನಗಳಿಂದ ರೈತ ಸಂಘದ ನೇತೃತ್ವದಲ್ಲಿ ವಿವಿಧ ಸಂಘಸಂಸ್ಥೆಗಳ ಸಹಕಾರದೊಂದಿಗೆ ನಡೆಯುತ್ತಿರುವ ಅಹೋರಾತ್ರಿ ಧರಣಿಗೆ ಮೊದಲ ಗೆಲುವು ಸಿಕ್ಕಿದೆ.
ಧರಣಿ ಸ್ಥಳಕ್ಕೆ ಅಧಿಕಾರಿಗಳ ದಂಡೇ ಆಗಮಿಸಿ ಧರಣಿ ನಿರತರ ಮನವೊಲಿಸುವ ಪ್ರಯತ್ನ ಮಾಡಿತ್ತು. ಆದರೆ ಧರಣಿ ನಿರತರು ಮಾತ್ರ ನಿಖರ ಕಾಲವಕಾಶ ಕೊಟ್ಟು ಕೆಲಸ ಮಾಡಿಕೊಡುತ್ತೇವೆ ಎನ್ನುವ ಮಾತಿಗೆ ಪಟ್ಟು ಹಿಡಿದರು.
ಮಾಡದಿದ್ದರೆ ಹಾಗೇ ಬೀಗ ಹೊಡೆದು ಉದ್ಘಾಟನೆ ಮಾಡಿಕೊಳ್ಳುತ್ತೇವೆ ಎಂದರು.
ಇದಕ್ಕೆ ಪ್ರತಿಕ್ರಿಯಿಸಿದ ಎಪಿಎಂಸಿ ಇಒ ಅವರು ಮಂಗಳವಾರ ಬೆಳಗ್ಗೆಯೇ ಕೌಂಟರ್ ತೆರೆದು ಕಾಮಗಾರಿ ಪ್ರಾರಂಭಿಸುತ್ತೇವೆ ಎಂದು ತಿಳಿಸಿ ಧರಣಿನಿರತರ ಬಳಿ ಎರಡು ದಿನಗಳ ಸಮಯ ಕೇಳಿದರು.
ಹುಳಿಯಾರು ಬಸ್ ನಿಲ್ದಾಣದ ಸೌಲಭ್ಯಗಳ ನಿರ್ಮಾಣಗೊಂಡು ಎರಡು ದಿನದಿಂದಲೇ ಕಾಮಗಾರಿ ಆರಂಭಿಸುವುದಾಗಿ ಹೇಳಿದರು.
ಎಪಿಎಂಸಿ ಡಿಡಿ ಡಾ.ರಾಜಣ್ಣ ಅವರು ಶಿಫ್ಟ್ ಮಾಡಲು ಒಪ್ಪಿಗೆ ಸೂಚಿಸಿದರು. ಮೇಲಧಿಕಾರಿಗಳಿಗೆ ಕಳುಹಿಸಿ ನಂತರ ಅನುಮೋದನೆ ಪಡೆಯುವುದಾಗಿ ಹೇಳಿದರು. ತಂತ್ರಜ್ಞಾನ ಇಷ್ಟು ಮುಂದುವರೆದಿದ್ದರೂ ಇನ್ನೂ ಪತ್ರ ವ್ಯವಹಾರದಲ್ಲೇ ಇದ್ದೀರಲ್ಲ. ಇ-ಮೇಲ್ ನಲ್ಲೇ ಕಳುಹಿಸಿ ಎಂದು ಪಟ್ಟು ಹಿಡಿದು ಮೇಲ್ ಮಾಡಿಸಿದರು.
ಹುಳಿಯಾರು ಸಂತೆ ಎಪಿಎಂಸಿಗೆ ಶಿಫ್ಟ್ ಮಾಡಲು ಅಧಿಕಾರಿಗಳ ತಕರಾರು ಇಲ್ಲವೆಂದಾದ ಮೇಲೆ ಎಪಿಎಂಸಿ ಅಧಿಕಾರಿಗಳು ಸರ್ಕಾರಕ್ಕೆ ಪತ್ರ ಬರೆದು ರೈತರ ಬೇಡಿಕೆ ಈಡೇರಿಸಲು ಮುಂದಾಗಿದ್ದಾರೆ.
ತಿಳಿಸುವ ಮೂಲಕ ಮುಂದಿನ ವಾರದಿಂದಲೇ ಸಂತೆ ಶಿಫ್ಟ್ ಮಾಡಲು ತೀರ್ಮಾನಿಸಲಾಯಿತು. ಅಲ್ಲದೆ ಹಾಲಿ ಸಂತೆ ಸ್ಥಳದ ಸಮುದಾಯ ಭವನ ಸಂಕೀರ್ಣ ಕಟ್ಟಡ ಕಾಮಗಾರಿಯನ್ನು ಪಟ್ಟಣ ಪಂಚಾಯ್ತಿ ಕೈಗೊಳ್ಳಬೇಕೆಂದು ಒತ್ತಾಯಿಸಿದರು. ಆಗ ಪಿಡಿ ಅವರು ಮುಖ್ಯಾಧಿಕಾರಿಗೆ ವಾಪಸ್ ಕೊಡುವಂತೆ ಸೂಚಿಸಿದರು.
ರಾಜ್ಯ ರೈತ ಸಂಘದ ಹೊಸಹಳ್ಳಿ ಚಂದ್ರಣ್ಣ, ಕೆಆರ್‌ಎಸ್ ಪಕ್ಷದ ರಾಜ್ಯ ಕಾರ್ಯದರ್ಶಿ ಭಟ್ಟರಹಳ್ಳಿ ಮಲ್ಲಿಕಾರ್ಜುನ್, ಕರ್ನಾಟಕ ಪ್ರಾಂತ ರೈತ ಸಂಘದ ತಾಲೂಕು ಅಧ್ಯಕ್ಷ ಮಹಾದೇವ, ಬಿ.ಟಿ.ಪ್ರಸಾದ್, ಕೆಪಿಸಿಸಿ ಸದಸ್ಯ ಎಸ್.ಆರ್.ಕುಮಾರ್, ರೈತ ಸಂಘದ ರಂಗನಾಥ್, ಕಾರ್ಯದರ್ಶಿ ನಾಗರಾಜು, ಜಿಲ್ಲಾ ಅಧ್ಯಕ್ಷ ಸೋಮಶೇಖರ್, ದಲಿತ ಸಂಘಟನೆಯ ಕುಮಾರ್, ರವಿಕುಮಾರ್, ಮುಖಂಡರಾದ ಸಂಪತ್, ರಾಜಣ್ಣ, ಲೋಕೇಶ್, ಶಿವಕುಮಾರ್ ಸೇರಿದಂತೆ ಅನೇಕರು ಇದ್ದರು.
